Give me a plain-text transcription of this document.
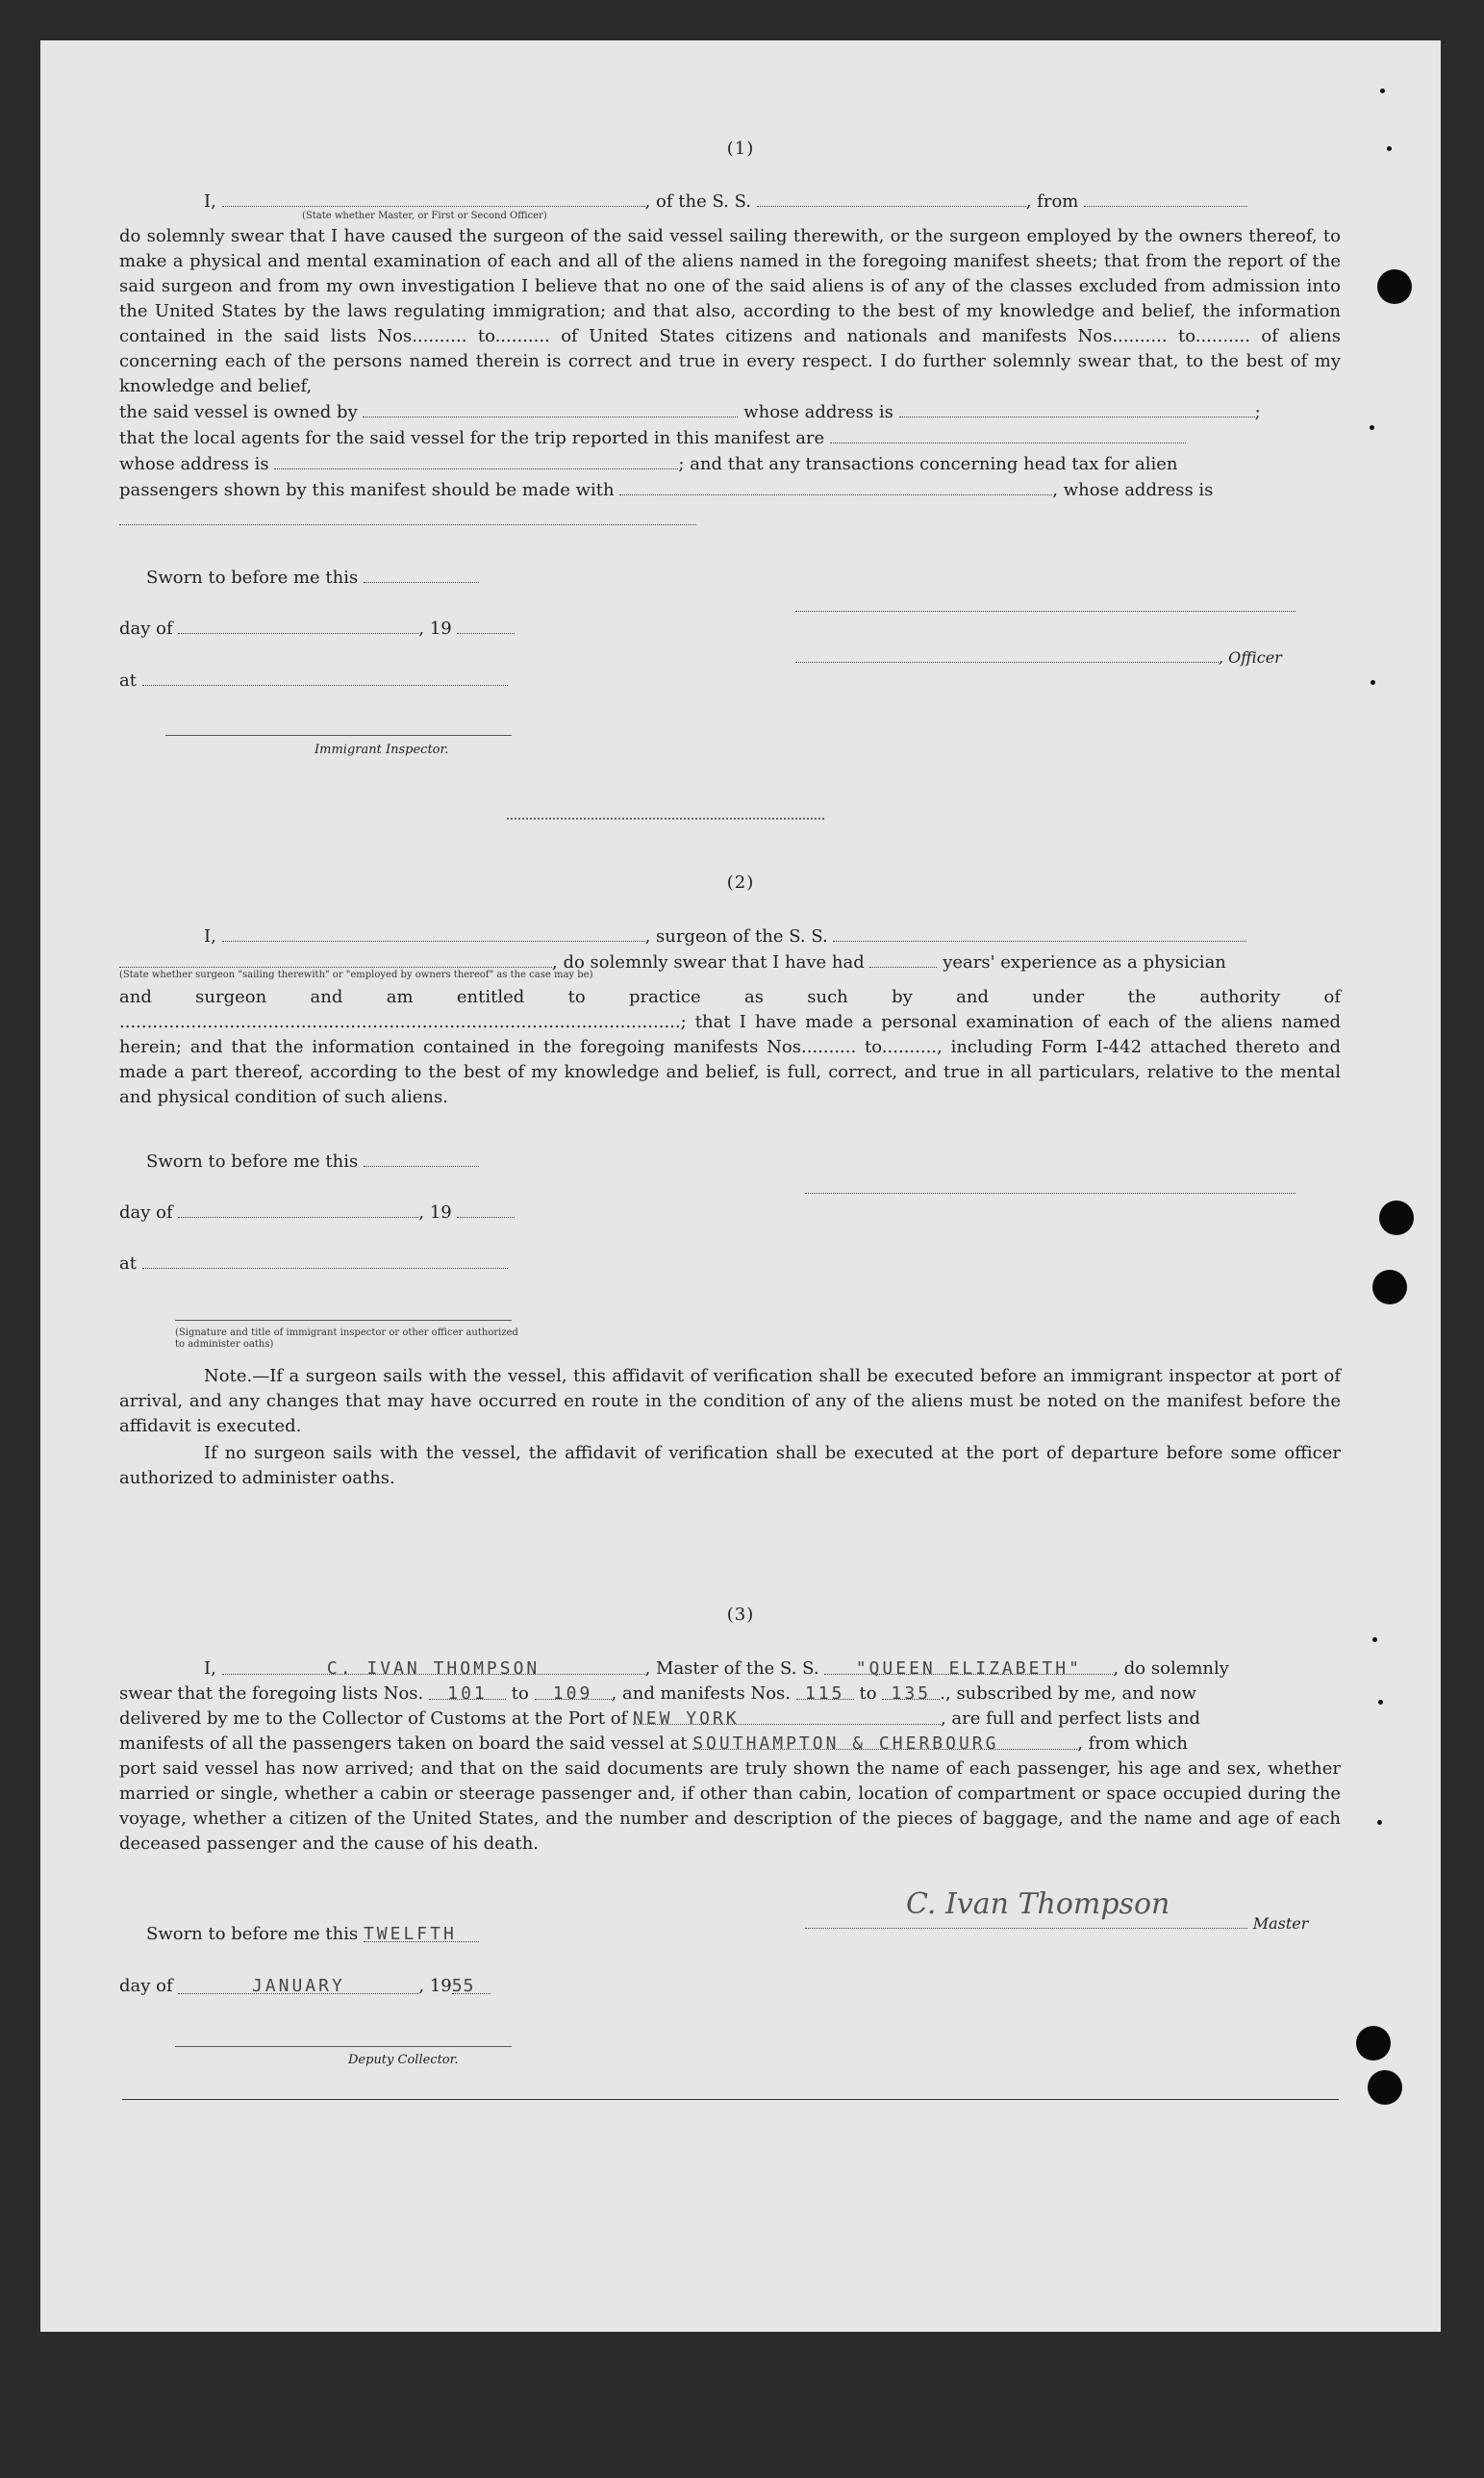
(1)
I,	, of the S. S.	, from
(State whether Master, or First or Second Officer)
do solemnly swear that I have caused the surgeon of the said vessel sailing therewith, or the surgeon employed by the owners thereof, to make a physical and mental examination of each and all of the aliens named in the foregoing manifest sheets; that from the report of the said surgeon and from my own investigation I believe that no one of the said aliens is of any of the classes excluded from admission into the United States by the laws regulating immigration; and that also, according to the best of my knowledge and belief, the information contained in the said lists Nos.......... to.......... of United States citizens and nationals and manifests Nos.......... to.......... of aliens concerning each of the persons named therein is correct and true in every respect. I do further solemnly swear that, to the best of my knowledge and belief,
the said vessel is owned by	whose address is	;
that the local agents for the said vessel for the trip reported in this manifest are
whose address is	; and that any transactions concerning head tax for alien
passengers shown by this manifest should be made with	, whose address is
Sworn to before me this
day of	, 19
at
, Officer
Immigrant Inspector.
(2)
I,	, surgeon of the S. S.
, do solemnly swear that I have had	years' experience as a physician
(State whether surgeon "sailing therewith" or "employed by owners thereof" as the case may be)
and surgeon and am entitled to practice as such by and under the authority of ......................................................................................................; that I have made a personal examination of each of the aliens named herein; and that the information contained in the foregoing manifests Nos.......... to.........., including Form I-442 attached thereto and made a part thereof, according to the best of my knowledge and belief, is full, correct, and true in all particulars, relative to the mental and physical condition of such aliens.
Sworn to before me this
day of	, 19
at
(Signature and title of immigrant inspector or other officer authorized to administer oaths)
Note.—If a surgeon sails with the vessel, this affidavit of verification shall be executed before an immigrant inspector at port of arrival, and any changes that may have occurred en route in the condition of any of the aliens must be noted on the manifest before the affidavit is executed.
If no surgeon sails with the vessel, the affidavit of verification shall be executed at the port of departure before some officer authorized to administer oaths.
(3)
I,	C. IVAN THOMPSON	, Master of the S. S. "QUEEN ELIZABETH" , do solemnly
swear that the foregoing lists Nos. 101 to 109 , and manifests Nos. 115 to 135 ., subscribed by me, and now
delivered by me to the Collector of Customs at the Port of NEW YORK	, are full and perfect lists and
manifests of all the passengers taken on board the said vessel at SOUTHAMPTON & CHERBOURG	, from which
port said vessel has now arrived; and that on the said documents are truly shown the name of each passenger, his age and sex, whether married or single, whether a cabin or steerage passenger and, if other than cabin, location of compartment or space occupied during the voyage, whether a citizen of the United States, and the number and description of the pieces of baggage, and the name and age of each deceased passenger and the cause of his death.
Sworn to before me this TWELFTH
day of	JANUARY	, 1955
C. Ivan Thompson
Master
Deputy Collector.
